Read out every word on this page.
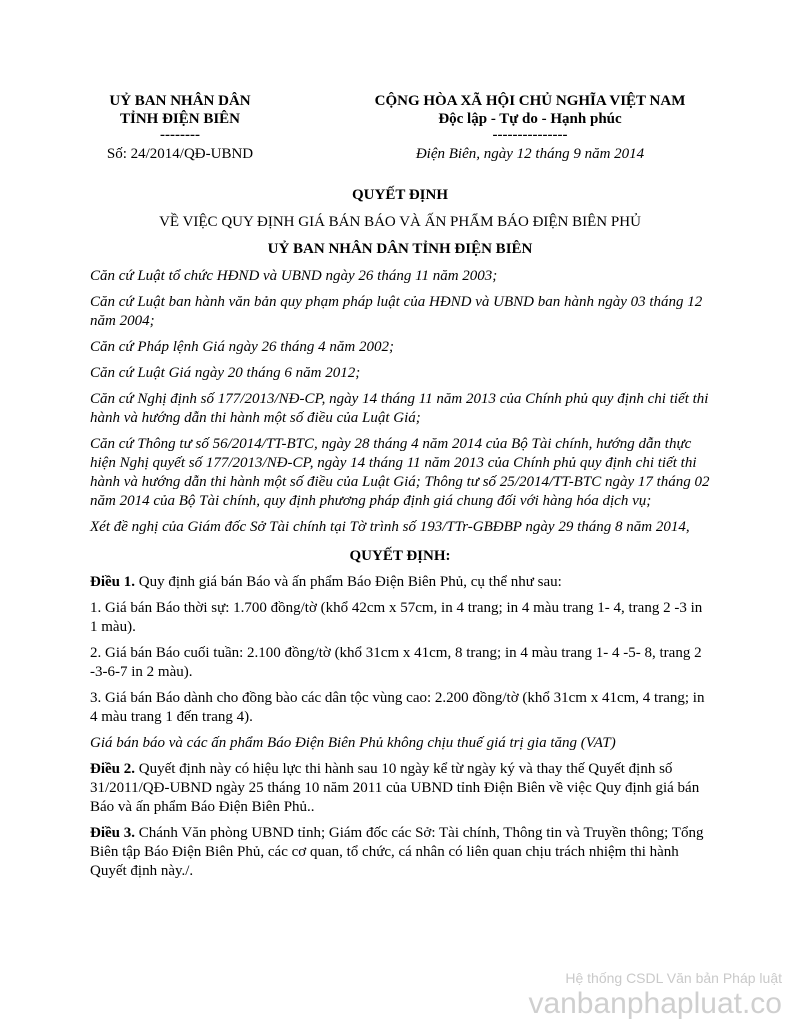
UỶ BAN NHÂN DÂN
TỈNH ĐIỆN BIÊN
--------
CỘNG HÒA XÃ HỘI CHỦ NGHĨA VIỆT NAM
Độc lập - Tự do - Hạnh phúc
---------------
Số: 24/2014/QĐ-UBND	Điện Biên, ngày 12 tháng 9 năm 2014
QUYẾT ĐỊNH
VỀ VIỆC QUY ĐỊNH GIÁ BÁN BÁO VÀ ẤN PHẨM BÁO ĐIỆN BIÊN PHỦ
UỶ BAN NHÂN DÂN TỈNH ĐIỆN BIÊN

Căn cứ Luật tổ chức HĐND và UBND ngày 26 tháng 11 năm 2003;

Căn cứ Luật ban hành văn bản quy phạm pháp luật của HĐND và UBND ban hành ngày 03 tháng 12 năm 2004;

Căn cứ Pháp lệnh Giá ngày 26 tháng 4 năm 2002;

Căn cứ Luật Giá ngày 20 tháng 6 năm 2012;

Căn cứ Nghị định số 177/2013/NĐ-CP, ngày 14 tháng 11 năm 2013 của Chính phủ quy định chi tiết thi hành và hướng dẫn thi hành một số điều của Luật Giá;

Căn cứ Thông tư số 56/2014/TT-BTC, ngày 28 tháng 4 năm 2014 của Bộ Tài chính, hướng dẫn thực hiện Nghị quyết số 177/2013/NĐ-CP, ngày 14 tháng 11 năm 2013 của Chính phủ quy định chi tiết thi hành và hướng dẫn thi hành một số điều của Luật Giá; Thông tư số 25/2014/TT-BTC ngày 17 tháng 02 năm 2014 của Bộ Tài chính, quy định phương pháp định giá chung đối với hàng hóa dịch vụ;

Xét đề nghị của Giám đốc Sở Tài chính tại Tờ trình số 193/TTr-GBĐBP ngày 29 tháng 8 năm 2014,

QUYẾT ĐỊNH:

Điều 1. Quy định giá bán Báo và ấn phẩm Báo Điện Biên Phủ, cụ thể như sau:

1. Giá bán Báo thời sự: 1.700 đồng/tờ (khổ 42cm x 57cm, in 4 trang; in 4 màu trang 1- 4, trang 2 -3 in 1 màu).

2. Giá bán Báo cuối tuần: 2.100 đồng/tờ (khổ 31cm x 41cm, 8 trang; in 4 màu trang 1- 4 -5- 8, trang 2 -3-6-7 in 2 màu).

3. Giá bán Báo dành cho đồng bào các dân tộc vùng cao: 2.200 đồng/tờ (khổ 31cm x 41cm, 4 trang; in 4 màu trang 1 đến trang 4).

Giá bán báo và các ấn phẩm Báo Điện Biên Phủ không chịu thuế giá trị gia tăng (VAT)

Điều 2. Quyết định này có hiệu lực thi hành sau 10 ngày kể từ ngày ký và thay thế Quyết định số 31/2011/QĐ-UBND ngày 25 tháng 10 năm 2011 của UBND tỉnh Điện Biên về việc Quy định giá bán Báo và ấn phẩm Báo Điện Biên Phủ..

Điều 3. Chánh Văn phòng UBND tỉnh; Giám đốc các Sở: Tài chính, Thông tin và Truyền thông; Tổng Biên tập Báo Điện Biên Phủ, các cơ quan, tổ chức, cá nhân có liên quan chịu trách nhiệm thi hành Quyết định này./.

Hệ thống CSDL Văn bản Pháp luật
vanbanphapluat.co
